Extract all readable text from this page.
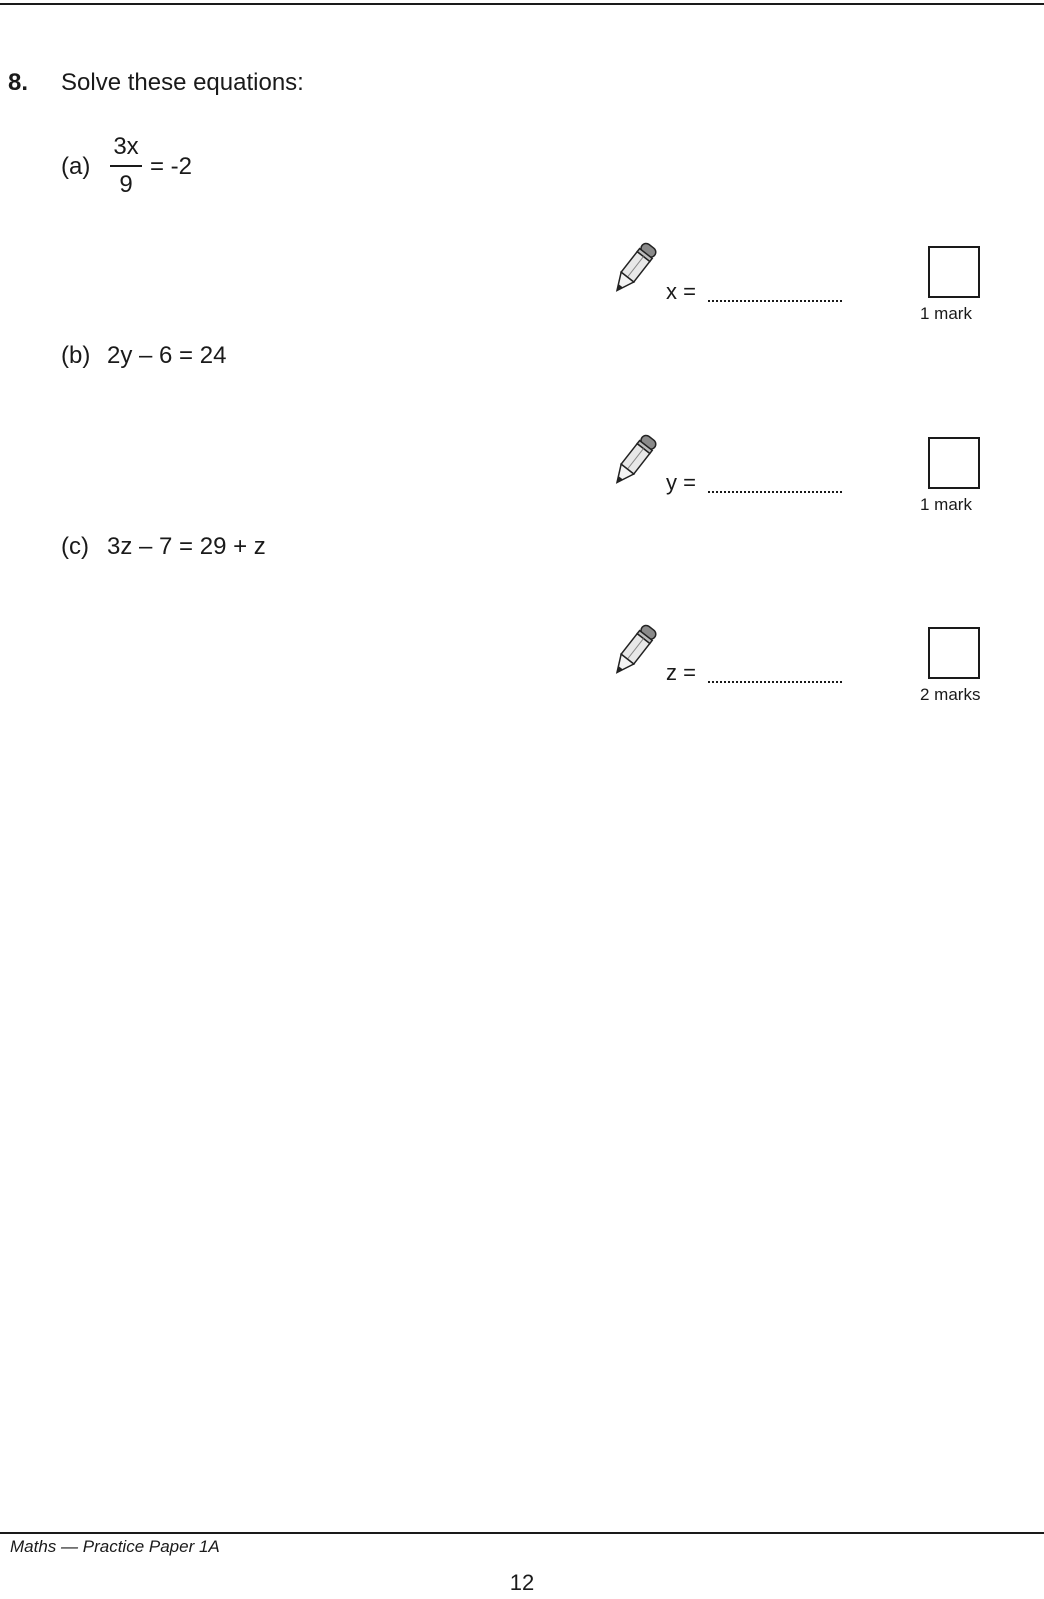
8. Solve these equations:
(a)
3x
9
= -2
x =
1 mark
(b) 2y – 6 = 24
y =
1 mark
(c) 3z – 7 = 29 + z
z =
2 marks
Maths — Practice Paper 1A
12
